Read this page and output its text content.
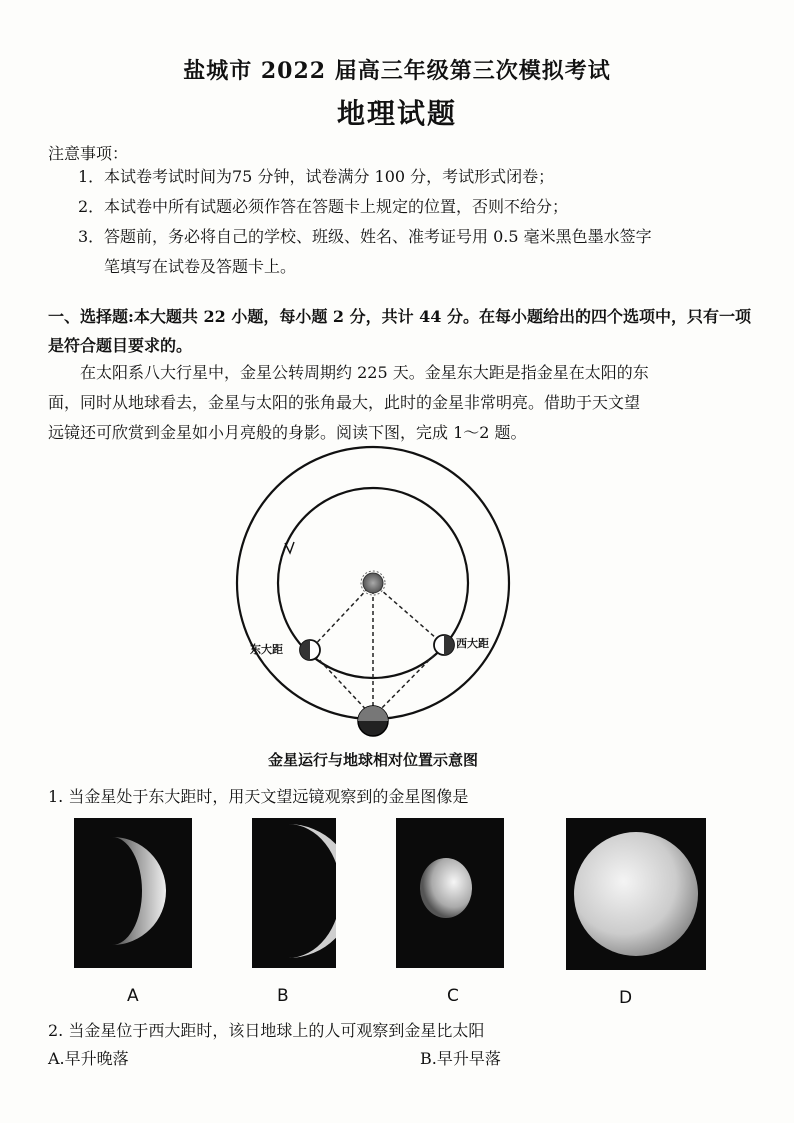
盐城市 2022 届高三年级第三次模拟考试
地理试题
注意事项：
1．本试卷考试时间为75 分钟，试卷满分 100 分，考试形式闭卷；
2．本试卷中所有试题必须作答在答题卡上规定的位置，否则不给分；
3．答题前，务必将自己的学校、班级、姓名、准考证号用 0.5 毫米黑色墨水签字
笔填写在试卷及答题卡上。
一、选择题:本大题共 22 小题，每小题 2 分，共计 44 分。在每小题给出的四个选项中，只有一项是符合题目要求的。
在太阳系八大行星中，金星公转周期约 225 天。金星东大距是指金星在太阳的东
面，同时从地球看去，金星与太阳的张角最大，此时的金星非常明亮。借助于天文望
远镜还可欣赏到金星如小月亮般的身影。阅读下图，完成 1～2 题。
东大距	西大距
金星运行与地球相对位置示意图
1. 当金星处于东大距时，用天文望远镜观察到的金星图像是
A	B	C	D
2. 当金星位于西大距时，该日地球上的人可观察到金星比太阳
A.早升晚落	B.早升早落
